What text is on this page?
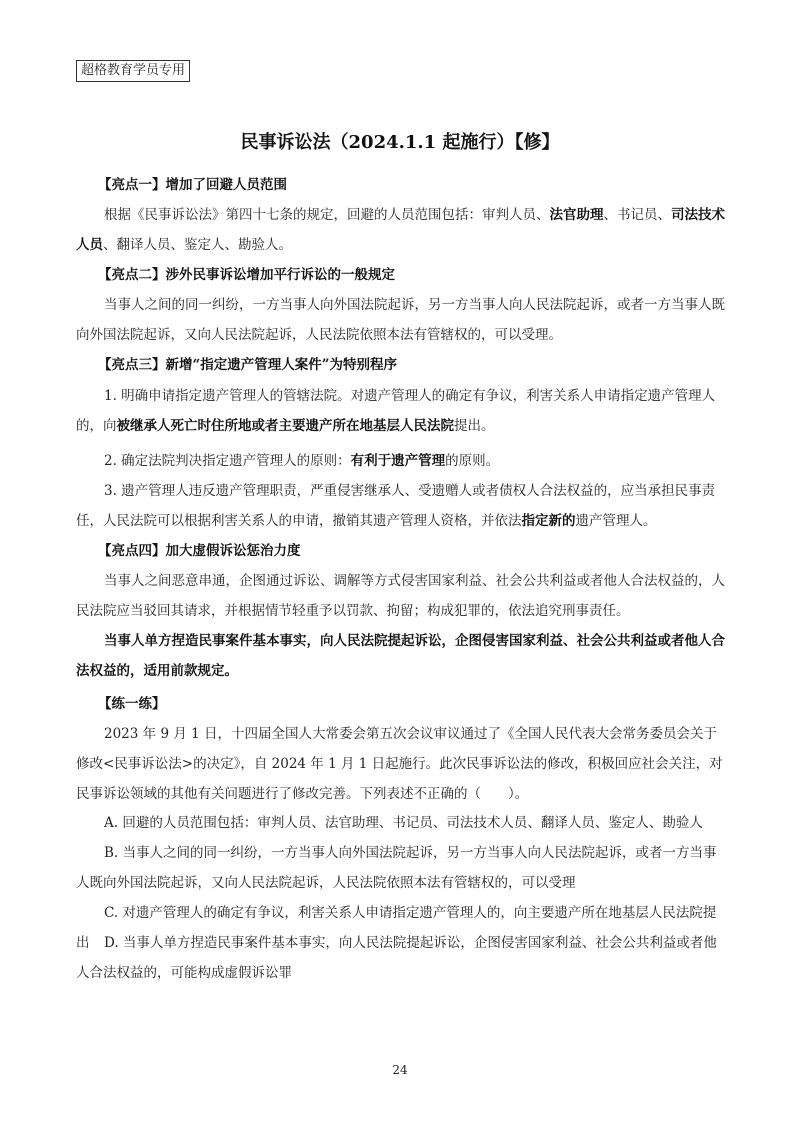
超格教育学员专用
民事诉讼法（2024.1.1 起施行）【修】
【亮点一】增加了回避人员范围
根据《民事诉讼法》第四十七条的规定，回避的人员范围包括：审判人员、法官助理、书记员、司法技术人员、翻译人员、鉴定人、勘验人。
【亮点二】涉外民事诉讼增加平行诉讼的一般规定
当事人之间的同一纠纷，一方当事人向外国法院起诉，另一方当事人向人民法院起诉，或者一方当事人既向外国法院起诉，又向人民法院起诉，人民法院依照本法有管辖权的，可以受理。
【亮点三】新增“指定遗产管理人案件”为特别程序
1. 明确申请指定遗产管理人的管辖法院。对遗产管理人的确定有争议，利害关系人申请指定遗产管理人的，向被继承人死亡时住所地或者主要遗产所在地基层人民法院提出。
2. 确定法院判决指定遗产管理人的原则：有利于遗产管理的原则。
3. 遗产管理人违反遗产管理职责，严重侵害继承人、受遗赠人或者债权人合法权益的，应当承担民事责任，人民法院可以根据利害关系人的申请，撤销其遗产管理人资格，并依法指定新的遗产管理人。
【亮点四】加大虚假诉讼惩治力度
当事人之间恶意串通，企图通过诉讼、调解等方式侵害国家利益、社会公共利益或者他人合法权益的，人民法院应当驳回其请求，并根据情节轻重予以罚款、拘留；构成犯罪的，依法追究刑事责任。
当事人单方捏造民事案件基本事实，向人民法院提起诉讼，企图侵害国家利益、社会公共利益或者他人合法权益的，适用前款规定。
【练一练】
2023 年 9 月 1 日，十四届全国人大常委会第五次会议审议通过了《全国人民代表大会常务委员会关于修改<民事诉讼法>的决定》，自 2024 年 1 月 1 日起施行。此次民事诉讼法的修改，积极回应社会关注，对民事诉讼领域的其他有关问题进行了修改完善。下列表述不正确的（　　）。
A. 回避的人员范围包括：审判人员、法官助理、书记员、司法技术人员、翻译人员、鉴定人、勘验人
B. 当事人之间的同一纠纷，一方当事人向外国法院起诉，另一方当事人向人民法院起诉，或者一方当事人既向外国法院起诉，又向人民法院起诉，人民法院依照本法有管辖权的，可以受理
C. 对遗产管理人的确定有争议，利害关系人申请指定遗产管理人的，向主要遗产所在地基层人民法院提出	D. 当事人单方捏造民事案件基本事实，向人民法院提起诉讼，企图侵害国家利益、社会公共利益或者他人合法权益的，可能构成虚假诉讼罪
24
